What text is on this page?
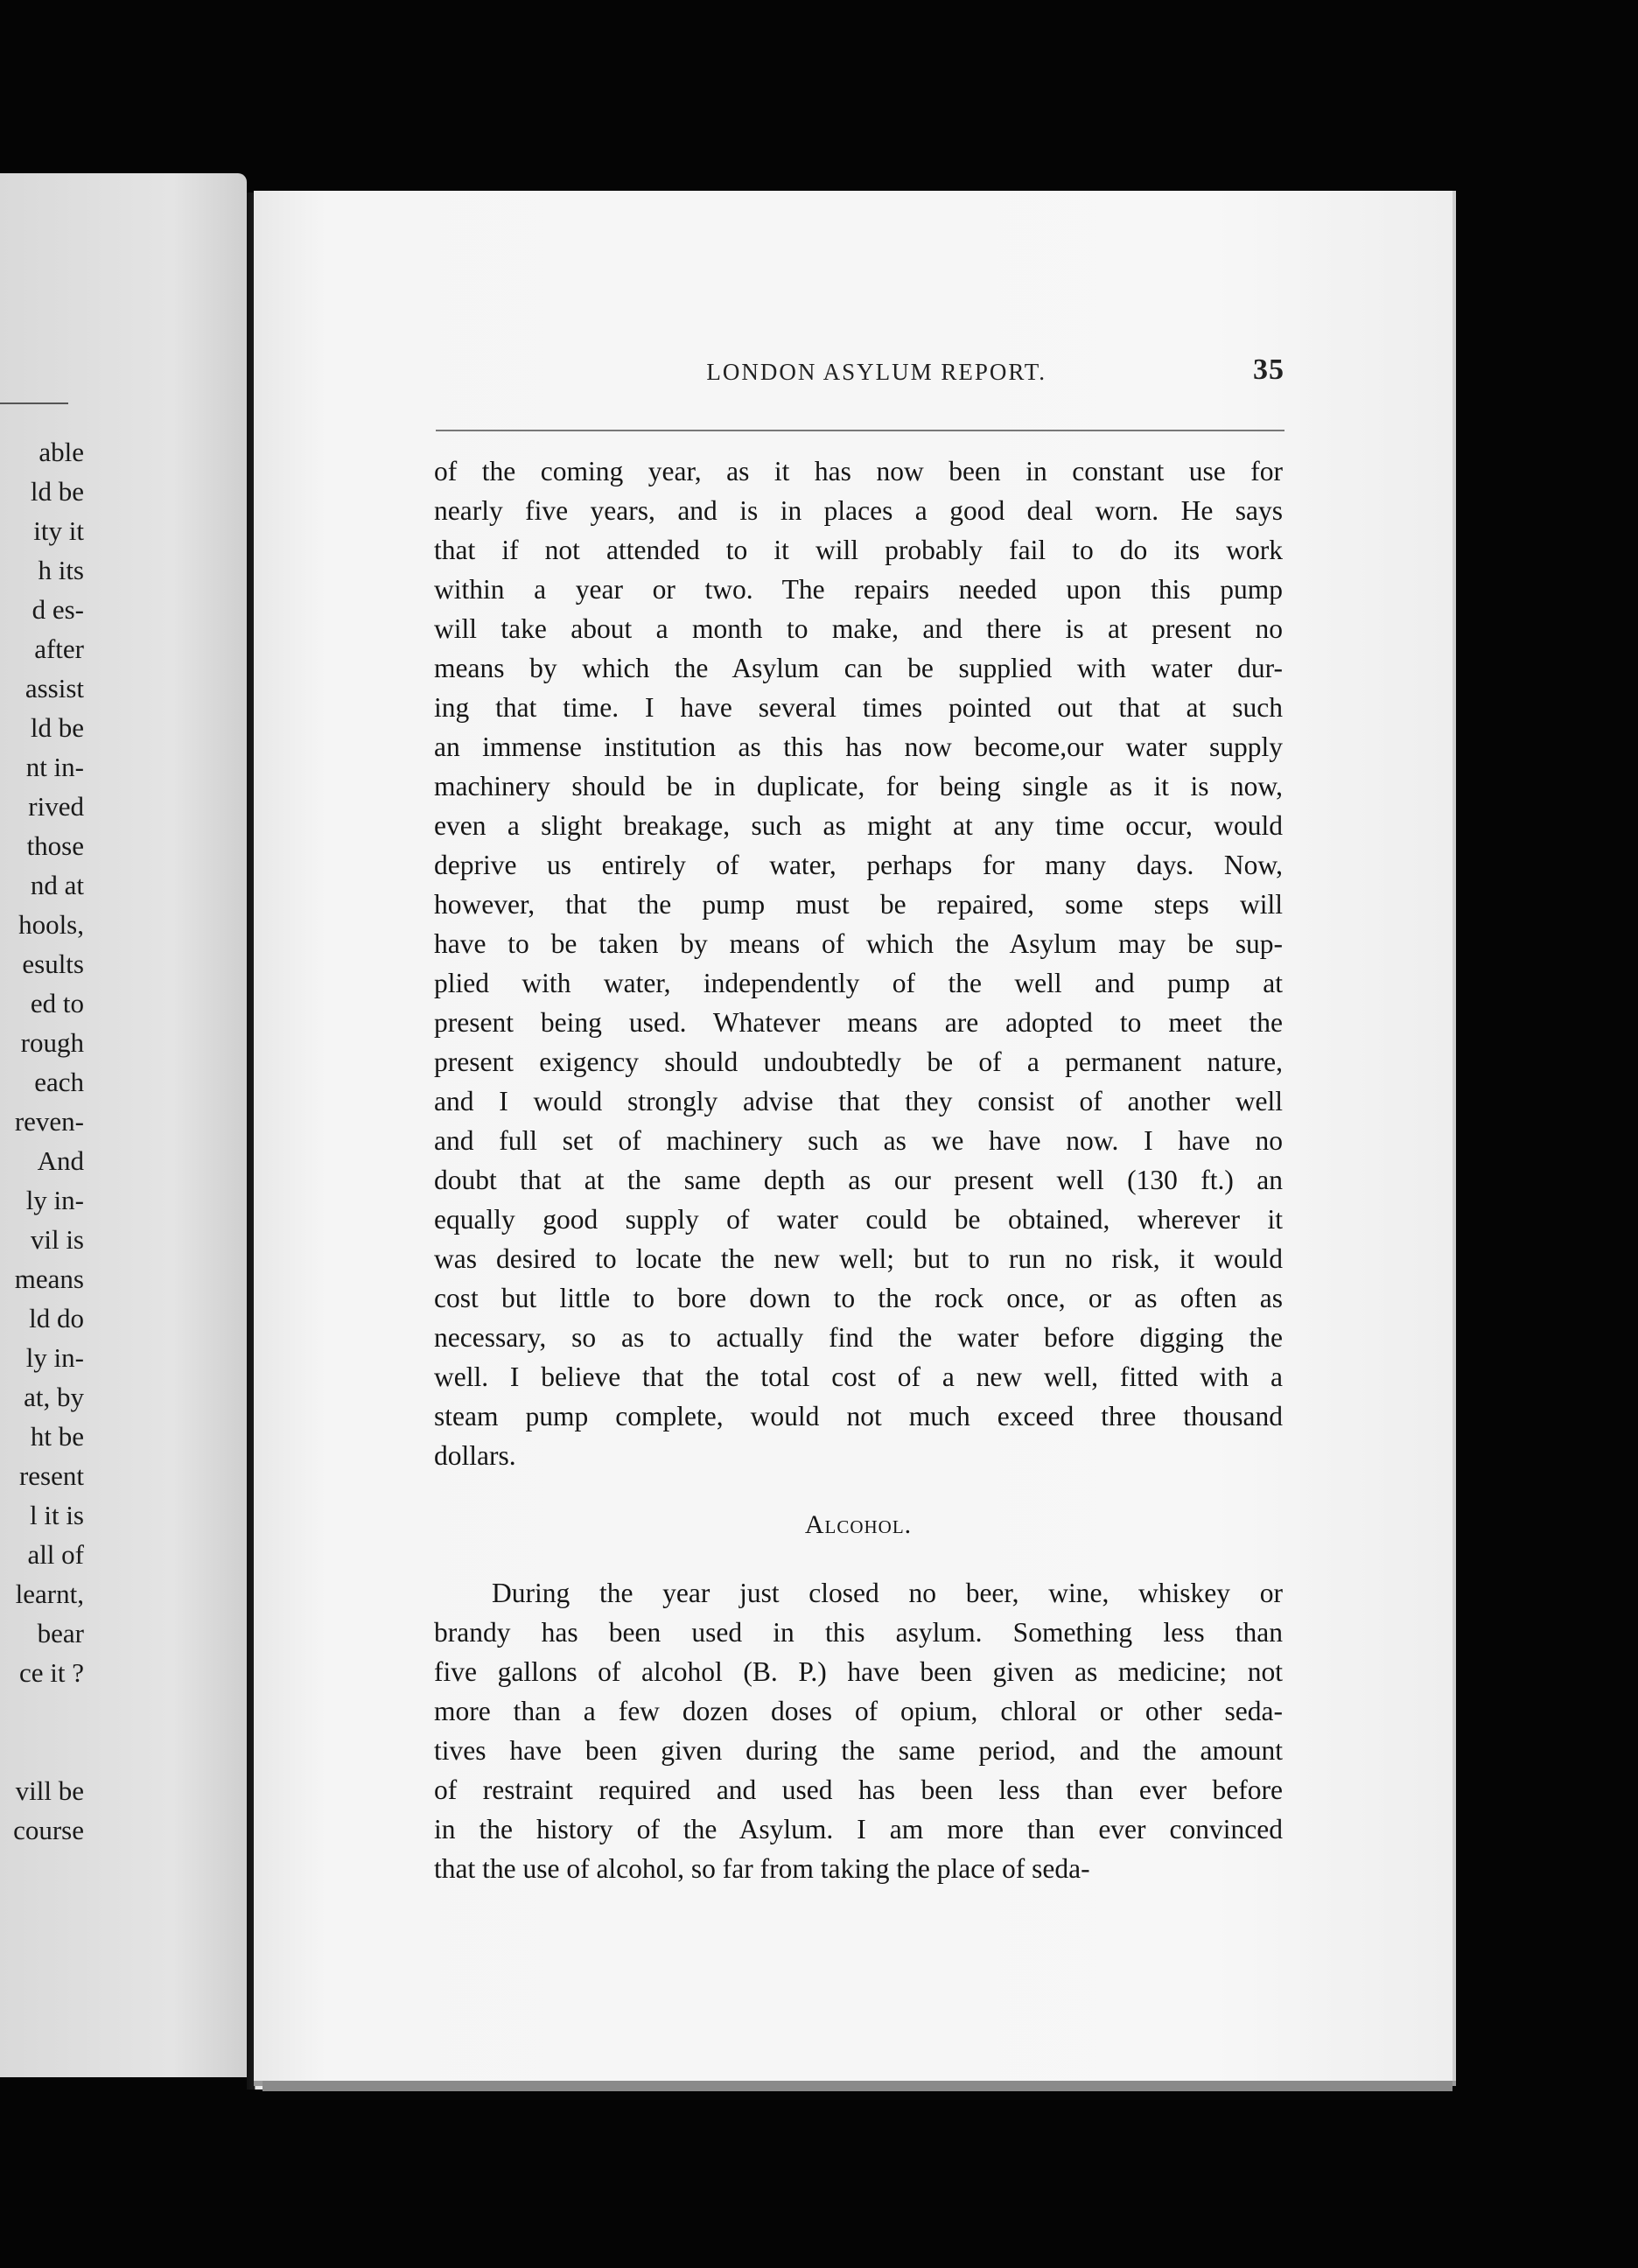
able
ld be
ity it
h its
d es-
after
assist
ld be
nt in-
rived
those
nd at
hools,
esults
ed to
rough
each
reven-
And
ly in-
vil is
means
ld do
ly in-
at, by
ht be
resent
l it is
all of
learnt,
bear
ce it ?
vill be
course
LONDON ASYLUM REPORT.	35
of the coming year, as it has now been in constant use for
nearly five years, and is in places a good deal worn. He says
that if not attended to it will probably fail to do its work
within a year or two. The repairs needed upon this pump
will take about a month to make, and there is at present no
means by which the Asylum can be supplied with water dur-
ing that time. I have several times pointed out that at such
an immense institution as this has now become,our water supply
machinery should be in duplicate, for being single as it is now,
even a slight breakage, such as might at any time occur, would
deprive us entirely of water, perhaps for many days. Now,
however, that the pump must be repaired, some steps will
have to be taken by means of which the Asylum may be sup-
plied with water, independently of the well and pump at
present being used. Whatever means are adopted to meet the
present exigency should undoubtedly be of a permanent nature,
and I would strongly advise that they consist of another well
and full set of machinery such as we have now. I have no
doubt that at the same depth as our present well (130 ft.) an
equally good supply of water could be obtained, wherever it
was desired to locate the new well; but to run no risk, it would
cost but little to bore down to the rock once, or as often as
necessary, so as to actually find the water before digging the
well. I believe that the total cost of a new well, fitted with a
steam pump complete, would not much exceed three thousand
dollars.
Alcohol.
During the year just closed no beer, wine, whiskey or
brandy has been used in this asylum. Something less than
five gallons of alcohol (B. P.) have been given as medicine; not
more than a few dozen doses of opium, chloral or other seda-
tives have been given during the same period, and the amount
of restraint required and used has been less than ever before
in the history of the Asylum. I am more than ever convinced
that the use of alcohol, so far from taking the place of seda-
